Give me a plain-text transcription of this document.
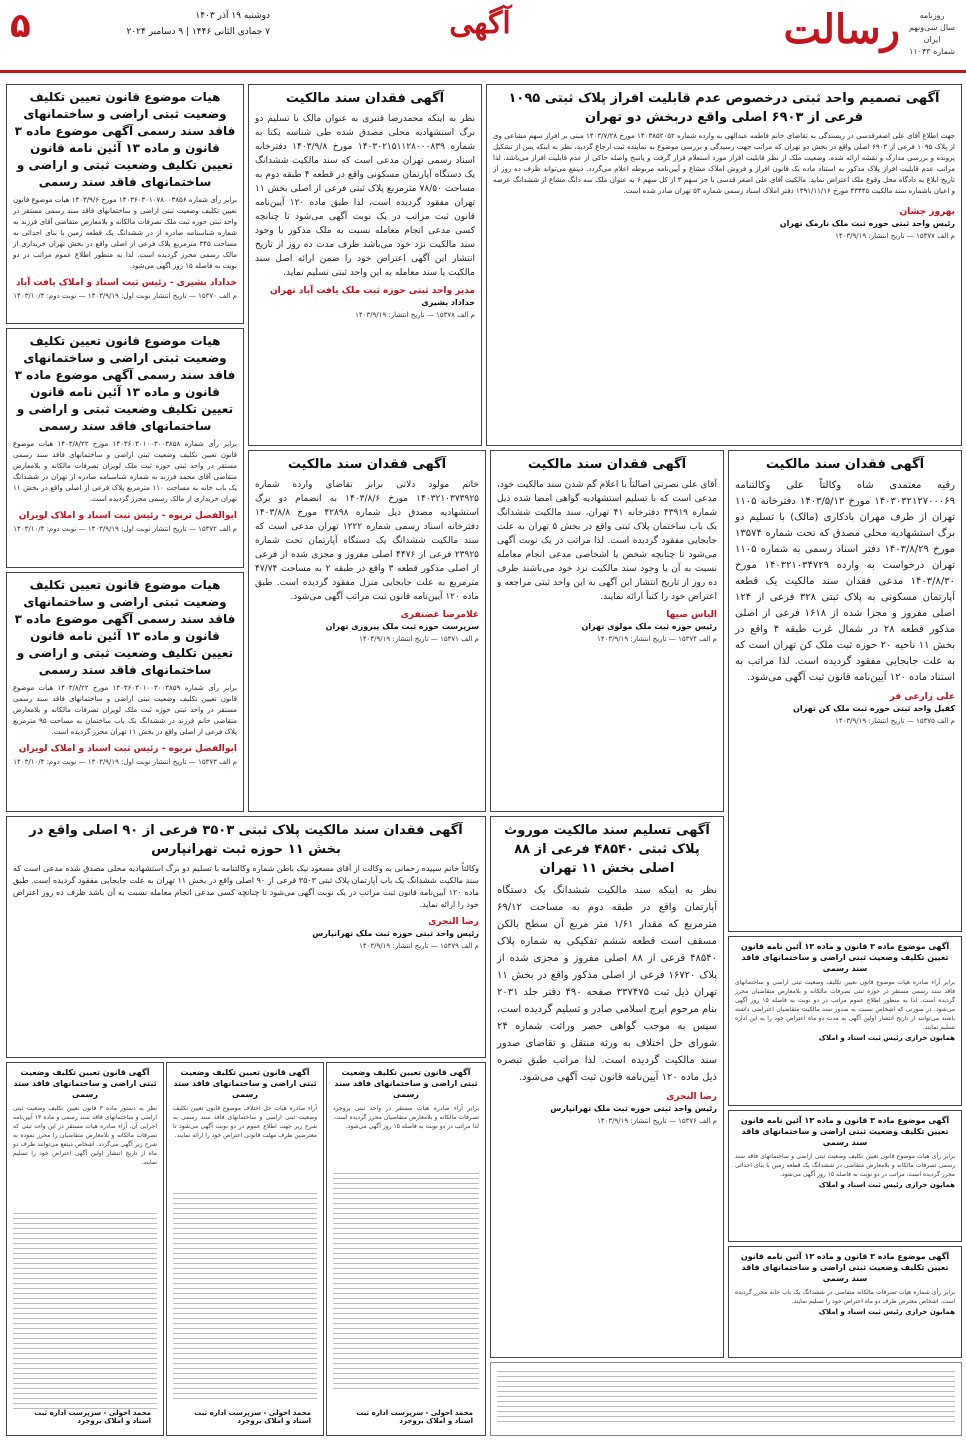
رسالت	روزنامه
سال سی‌ونهم
ایران
شماره ۱۱۰۴۳
آگهی
دوشنبه ۱۹ آذر ۱۴۰۳
۷ جمادی الثانی ۱۴۴۶ | ۹ دسامبر ۲۰۲۴
۵
آگهی تصمیم واحد ثبتی درخصوص عدم قابلیت افراز پلاک ثبتی ۱۰۹۵ فرعی از ۶۹۰۳ اصلی واقع دربخش دو تهران

جهت اطلاع آقای علی اصغرقدسی در ریسندگی به تقاضای خانم فاطمه عبدالهی به وارده شماره ۱۴۰۳۸۵۲۰۵۲ مورخ ۱۴۰۳/۷/۲۸ مبنی بر افراز سهم مشاعی وی از پلاک ۱۰۹۵ فرعی از ۶۹۰۳ اصلی واقع در بخش دو تهران که مراتب جهت رسیدگی و بررسی موضوع به نماینده ثبت ارجاع گردید، نظر به اینکه پس از تشکیل پرونده و بررسی مدارک و نقشه ارائه شده، وضعیت ملک از نظر قابلیت افراز مورد استعلام قرار گرفت و پاسخ واصله حاکی از عدم قابلیت افراز می‌باشد، لذا مراتب عدم قابلیت افراز پلاک مذکور به استناد ماده یک قانون افراز و فروش املاک مشاع و آیین‌نامه مربوطه اعلام می‌گردد. ذینفع می‌تواند ظرف ده روز از تاریخ ابلاغ به دادگاه محل وقوع ملک اعتراض نماید. مالکیت آقای علی اصغر قدسی با جز سهم ۳ از کل سهم ۶ به عنوان ملک سه دانگ مشاع از ششدانگ عرصه و اعیان باشماره سند مالکیت ۴۳۴۴۵ مورخ ۱۳۹۱/۱۱/۱۶ دفتر املاک اسناد رسمی شماره ۵۳ تهران صادر شده است.

بهروز جشان
رئیس واحد ثبتی حوزه ثبت ملک نارمک تهران
م الف ۱۵۳۷۷ — تاریخ انتشار: ۱۴۰۳/۹/۱۹
آگهی فقدان سند مالکیت

نظر به اینکه محمدرضا قنبری به عنوان مالک با تسلیم دو برگ استشهادیه محلی مصدق شده طی شناسه یکتا به شماره ۱۴۰۳۰۲۱۵۱۱۲۸۰۰۰۸۳۹ مورخ ۱۴۰۳/۹/۸ دفترخانه اسناد رسمی تهران مدعی است که سند مالکیت ششدانگ یک دستگاه آپارتمان مسکونی واقع در قطعه ۴ طبقه دوم به مساحت ۷۸/۵۰ مترمربع پلاک ثبتی فرعی از اصلی بخش ۱۱ تهران مفقود گردیده است، لذا طبق ماده ۱۲۰ آیین‌نامه قانون ثبت مراتب در یک نوبت آگهی می‌شود تا چنانچه کسی مدعی انجام معامله نسبت به ملک مذکور یا وجود سند مالکیت نزد خود می‌باشد ظرف مدت ده روز از تاریخ انتشار این آگهی اعتراض خود را ضمن ارائه اصل سند مالکیت یا سند معامله به این واحد ثبتی تسلیم نماید.

مدیر واحد ثبتی حوزه ثبت ملک یافت آباد تهران
خداداد بشیری
م الف ۱۵۳۷۸ — تاریخ انتشار: ۱۴۰۳/۹/۱۹
هیات موضوع قانون تعیین تکلیف وضعیت ثبتی اراضی و ساختمانهای فاقد سند رسمی آگهی موضوع ماده ۳ قانون و ماده ۱۳ آئین نامه قانون تعیین تکلیف وضعیت ثبتی و اراضی و ساختمانهای فاقد سند رسمی

برابر رأی شماره ۱۴۰۳۶۰۳۰۱۰۷۸۰۰۳۸۵۶ مورخ ۱۴۰۳/۹/۶ هیات موضوع قانون تعیین تکلیف وضعیت ثبتی اراضی و ساختمانهای فاقد سند رسمی مستقر در واحد ثبتی حوزه ثبت ملک تصرفات مالکانه و بلامعارض متقاضی آقای فرزند به شماره شناسنامه صادره از در ششدانگ یک قطعه زمین با بنای احداثی به مساحت ۳۴۵ مترمربع پلاک فرعی از اصلی واقع در بخش تهران خریداری از مالک رسمی محرز گردیده است. لذا به منظور اطلاع عموم مراتب در دو نوبت به فاصله ۱۵ روز آگهی می‌شود.

خداداد بشیری - رئیس ثبت اسناد و املاک یافت آباد
م الف ۱۵۳۷۰ — تاریخ انتشار نوبت اول: ۱۴۰۳/۹/۱۹ — نوبت دوم: ۱۴۰۳/۱۰/۴
هیات موضوع قانون تعیین تکلیف وضعیت ثبتی اراضی و ساختمانهای فاقد سند رسمی آگهی موضوع ماده ۳ قانون و ماده ۱۳ آئین نامه قانون تعیین تکلیف وضعیت ثبتی و اراضی و ساختمانهای فاقد سند رسمی

برابر رأی شماره ۱۴۰۳۶۰۳۰۱۰۰۳۰۰۳۸۵۸ مورخ ۱۴۰۳/۸/۲۲ هیات موضوع قانون تعیین تکلیف وضعیت ثبتی اراضی و ساختمانهای فاقد سند رسمی مستقر در واحد ثبتی حوزه ثبت ملک لویزان تصرفات مالکانه و بلامعارض متقاضی آقای محمد فرزند به شماره شناسنامه صادره از تهران در ششدانگ یک باب خانه به مساحت ۱۱۰ مترمربع پلاک فرعی از اصلی واقع در بخش ۱۱ تهران خریداری از مالک رسمی محرز گردیده است.

ابوالفضل تربوه - رئیس ثبت اسناد و املاک لویزان
م الف ۱۵۳۷۲ — تاریخ انتشار نوبت اول: ۱۴۰۳/۹/۱۹ — نوبت دوم: ۱۴۰۳/۱۰/۴
هیات موضوع قانون تعیین تکلیف وضعیت ثبتی اراضی و ساختمانهای فاقد سند رسمی آگهی موضوع ماده ۳ قانون و ماده ۱۳ آئین نامه قانون تعیین تکلیف وضعیت ثبتی و اراضی و ساختمانهای فاقد سند رسمی

برابر رأی شماره ۱۴۰۳۶۰۳۰۱۰۰۳۰۰۳۸۵۹ مورخ ۱۴۰۳/۸/۲۲ هیات موضوع قانون تعیین تکلیف وضعیت ثبتی اراضی و ساختمانهای فاقد سند رسمی مستقر در واحد ثبتی حوزه ثبت ملک لویزان تصرفات مالکانه و بلامعارض متقاضی خانم فرزند در ششدانگ یک باب ساختمان به مساحت ۹۵ مترمربع پلاک فرعی از اصلی واقع در بخش ۱۱ تهران محرز گردیده است.

ابوالفضل تربوه - رئیس ثبت اسناد و املاک لویزان
م الف ۱۵۳۷۳ — تاریخ انتشار نوبت اول: ۱۴۰۳/۹/۱۹ — نوبت دوم: ۱۴۰۳/۱۰/۴
آگهی فقدان سند مالکیت

خانم مولود دلاتی برابر تقاضای وارده شماره ۱۴۰۳۲۱۰۳۷۳۹۲۵ مورخ ۱۴۰۳/۸/۶ به انضمام دو برگ استشهادیه مصدق ذیل شماره ۴۲۸۹۸ مورخ ۱۴۰۳/۸/۸ دفترخانه اسناد رسمی شماره ۱۲۲۲ تهران مدعی است که سند مالکیت ششدانگ یک دستگاه آپارتمان تحت شماره ۲۳۹۲۵ فرعی از ۴۴۷۶ اصلی مفروز و مجزی شده از فرعی از اصلی مذکور قطعه ۳ واقع در طبقه ۲ به مساحت ۴۷/۷۴ مترمربع به علت جابجایی منزل مفقود گردیده است. طبق ماده ۱۲۰ آیین‌نامه قانون ثبت مراتب آگهی می‌شود.

غلامرضا غضنفری
سرپرست حوزه ثبت ملک پیروزی تهران
م الف ۱۵۳۷۱ — تاریخ انتشار: ۱۴۰۳/۹/۱۹
آگهی فقدان سند مالکیت

آقای علی نصرتی اصالتاً با اعلام گم شدن سند مالکیت خود، مدعی است که با تسلیم استشهادیه گواهی امضا شده ذیل شماره ۴۳۹۱۹ دفترخانه ۴۱ تهران، سند مالکیت ششدانگ یک باب ساختمان پلاک ثبتی واقع در بخش ۵ تهران به علت جابجایی مفقود گردیده است. لذا مراتب در یک نوبت آگهی می‌شود تا چنانچه شخص یا اشخاصی مدعی انجام معامله نسبت به آن یا وجود سند مالکیت نزد خود می‌باشند ظرف ده روز از تاریخ انتشار این آگهی به این واحد ثبتی مراجعه و اعتراض خود را کتباً ارائه نمایند.

الیاس صیها
رئیس حوزه ثبت ملک مولوی تهران
م الف ۱۵۳۷۴ — تاریخ انتشار: ۱۴۰۳/۹/۱۹
آگهی فقدان سند مالکیت

رقیه معتمدی شاه وکالتاً علی وکالتنامه ۱۴۰۳۰۳۲۱۲۷۰۰۰۶۹ مورخ ۱۴۰۳/۵/۱۳ دفترخانه ۱۱۰۵ تهران از طرف مهران بادکاری (مالک) با تسلیم دو برگ استشهادیه محلی مصدق که تحت شماره ۱۳۵۷۴ مورخ ۱۴۰۳/۸/۲۹ دفتر اسناد رسمی به شماره ۱۱۰۵ تهران درخواست به وارده ۱۴۰۳۲۱۰۳۴۷۲۹ مورخ ۱۴۰۳/۸/۳۰ مدعی فقدان سند مالکیت یک قطعه آپارتمان مسکونی به پلاک ثبتی ۳۲۸ فرعی از ۱۲۴ اصلی مفروز و مجزا شده از ۱۶۱۸ فرعی از اصلی مذکور قطعه ۲۸ در شمال غرب طبقه ۴ واقع در بخش ۱۱ ناحیه ۲۰ حوزه ثبت ملک کن تهران است که به علت جابجایی مفقود گردیده است. لذا مراتب به استناد ماده ۱۲۰ آیین‌نامه قانون ثبت آگهی می‌شود.

علی زارعی فر
کفیل واحد ثبتی حوزه ثبت ملک کن تهران
م الف ۱۵۳۷۵ — تاریخ انتشار: ۱۴۰۳/۹/۱۹
آگهی فقدان سند مالکیت پلاک ثبتی ۳۵۰۳ فرعی از ۹۰ اصلی واقع در بخش ۱۱ حوزه ثبت تهرانپارس

وکالتاً خانم سپیده رحمانی به وکالت از آقای مسعود نیک باطن شماره وکالتنامه با تسلیم دو برگ استشهادیه محلی مصدق شده مدعی است که سند مالکیت ششدانگ یک باب آپارتمان پلاک ثبتی ۳۵۰۳ فرعی از ۹۰ اصلی واقع در بخش ۱۱ تهران به علت جابجایی مفقود گردیده است. طبق ماده ۱۲۰ آیین‌نامه قانون ثبت مراتب در یک نوبت آگهی می‌شود تا چنانچه کسی مدعی انجام معامله نسبت به آن باشد ظرف ده روز اعتراض خود را ارائه نماید.

رضا النجری
رئیس واحد ثبتی حوزه ثبت ملک تهرانپارس
م الف ۱۵۳۷۹ — تاریخ انتشار: ۱۴۰۳/۹/۱۹
آگهی تسلیم سند مالکیت موروث پلاک ثبتی ۴۸۵۴۰ فرعی از ۸۸ اصلی بخش ۱۱ تهران

نظر به اینکه سند مالکیت ششدانگ یک دستگاه آپارتمان واقع در طبقه دوم به مساحت ۶۹/۱۲ مترمربع که مقدار ۱/۶۱ متر مربع آن سطح بالکن مسقف است قطعه ششم تفکیکی به شماره پلاک ۴۸۵۴۰ فرعی از ۸۸ اصلی مفروز و مجزی شده از پلاک ۱۶۷۲۰ فرعی از اصلی مذکور واقع در بخش ۱۱ تهران ذیل ثبت ۳۳۷۴۷۵ صفحه ۴۹۰ دفتر جلد ۲۰۳۱ بنام مرحوم ایرج اسلامی صادر و تسلیم گردیده است، سپس به موجب گواهی حصر وراثت شماره ۲۴ شورای حل اختلاف به ورثه منتقل و تقاضای صدور سند مالکیت گردیده است. لذا مراتب طبق تبصره ذیل ماده ۱۲۰ آیین‌نامه قانون ثبت آگهی می‌شود.

رضا النجری
رئیس واحد ثبتی حوزه ثبت ملک تهرانپارس
م الف ۱۵۳۷۶ — تاریخ انتشار: ۱۴۰۳/۹/۱۹
آگهی موضوع ماده ۳ قانون و ماده ۱۳ آئین نامه قانون تعیین تکلیف وضعیت ثبتی اراضی و ساختمانهای فاقد سند رسمی

برابر آراء صادره هیات موضوع قانون تعیین تکلیف وضعیت ثبتی اراضی و ساختمانهای فاقد سند رسمی مستقر در حوزه ثبتی تصرفات مالکانه و بلامعارض متقاضیان محرز گردیده است. لذا به منظور اطلاع عموم مراتب در دو نوبت به فاصله ۱۵ روز آگهی می‌شود. در صورتی که اشخاص نسبت به صدور سند مالکیت متقاضیان اعتراضی داشته باشند می‌توانند از تاریخ انتشار اولین آگهی به مدت دو ماه اعتراض خود را به این اداره تسلیم نمایند.

همایون خرازی رئیس ثبت اسناد و املاک
آگهی موضوع ماده ۳ قانون و ماده ۱۳ آئین نامه قانون تعیین تکلیف وضعیت ثبتی اراضی و ساختمانهای فاقد سند رسمی

برابر رأی هیات موضوع قانون تعیین تکلیف وضعیت ثبتی اراضی و ساختمانهای فاقد سند رسمی تصرفات مالکانه و بلامعارض متقاضی در ششدانگ یک قطعه زمین با بنای احداثی محرز گردیده است. مراتب در دو نوبت به فاصله ۱۵ روز آگهی می‌شود.

همایون خرازی رئیس ثبت اسناد و املاک
آگهی موضوع ماده ۳ قانون و ماده ۱۳ آئین نامه قانون تعیین تکلیف وضعیت ثبتی اراضی و ساختمانهای فاقد سند رسمی

برابر رأی شماره هیات تصرفات مالکانه متقاضی در ششدانگ یک باب خانه محرز گردیده است. اشخاص معترض ظرف دو ماه اعتراض خود را تسلیم نمایند.

همایون خرازی رئیس ثبت اسناد و املاک
آگهی قانون تعیین تکلیف وضعیت ثبتی اراضی و ساختمانهای فاقد سند رسمی

نظر به دستور ماده ۳ قانون تعیین تکلیف وضعیت ثبتی اراضی و ساختمانهای فاقد سند رسمی و ماده ۱۳ آیین‌نامه اجرایی آن، آراء صادره هیات مستقر در این واحد ثبتی که تصرفات مالکانه و بلامعارض متقاضیان را محرز نموده به شرح زیر آگهی می‌گردد. اشخاص ذینفع می‌توانند ظرف دو ماه از تاریخ انتشار اولین آگهی اعتراض خود را تسلیم نمایند.

محمد احولی - سرپرست اداره ثبت اسناد و املاک بروجرد
آگهی قانون تعیین تکلیف وضعیت ثبتی اراضی و ساختمانهای فاقد سند رسمی

آراء صادره هیات حل اختلاف موضوع قانون تعیین تکلیف وضعیت ثبتی اراضی و ساختمانهای فاقد سند رسمی به شرح زیر جهت اطلاع عموم در دو نوبت آگهی می‌شود تا معترضین ظرف مهلت قانونی اعتراض خود را ارائه نمایند.

محمد احولی - سرپرست اداره ثبت اسناد و املاک بروجرد
آگهی قانون تعیین تکلیف وضعیت ثبتی اراضی و ساختمانهای فاقد سند رسمی

برابر آراء صادره هیات مستقر در واحد ثبتی بروجرد تصرفات مالکانه و بلامعارض متقاضیان محرز گردیده است. لذا مراتب در دو نوبت به فاصله ۱۵ روز آگهی می‌شود.

محمد احولی - سرپرست اداره ثبت اسناد و املاک بروجرد
